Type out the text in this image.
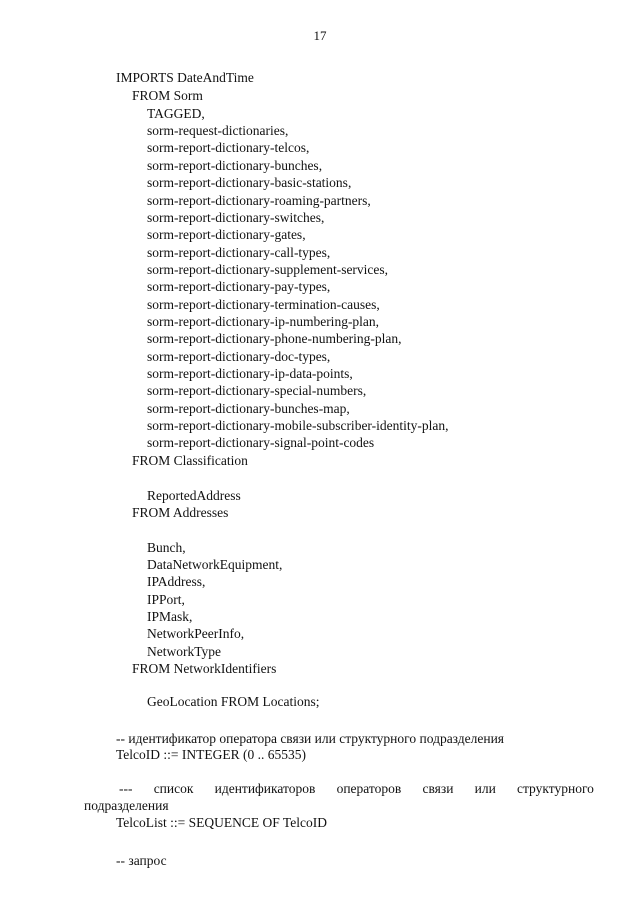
17
IMPORTS DateAndTime
FROM Sorm
TAGGED,
sorm-request-dictionaries,
sorm-report-dictionary-telcos,
sorm-report-dictionary-bunches,
sorm-report-dictionary-basic-stations,
sorm-report-dictionary-roaming-partners,
sorm-report-dictionary-switches,
sorm-report-dictionary-gates,
sorm-report-dictionary-call-types,
sorm-report-dictionary-supplement-services,
sorm-report-dictionary-pay-types,
sorm-report-dictionary-termination-causes,
sorm-report-dictionary-ip-numbering-plan,
sorm-report-dictionary-phone-numbering-plan,
sorm-report-dictionary-doc-types,
sorm-report-dictionary-ip-data-points,
sorm-report-dictionary-special-numbers,
sorm-report-dictionary-bunches-map,
sorm-report-dictionary-mobile-subscriber-identity-plan,
sorm-report-dictionary-signal-point-codes
FROM Classification
ReportedAddress
FROM Addresses
Bunch,
DataNetworkEquipment,
IPAddress,
IPPort,
IPMask,
NetworkPeerInfo,
NetworkType
FROM NetworkIdentifiers
GeoLocation FROM Locations;
-- идентификатор оператора связи или структурного подразделения
TelcoID ::= INTEGER (0 .. 65535)
--- список идентификаторов операторов связи или структурного
подразделения
TelcoList ::= SEQUENCE OF TelcoID
-- запрос
